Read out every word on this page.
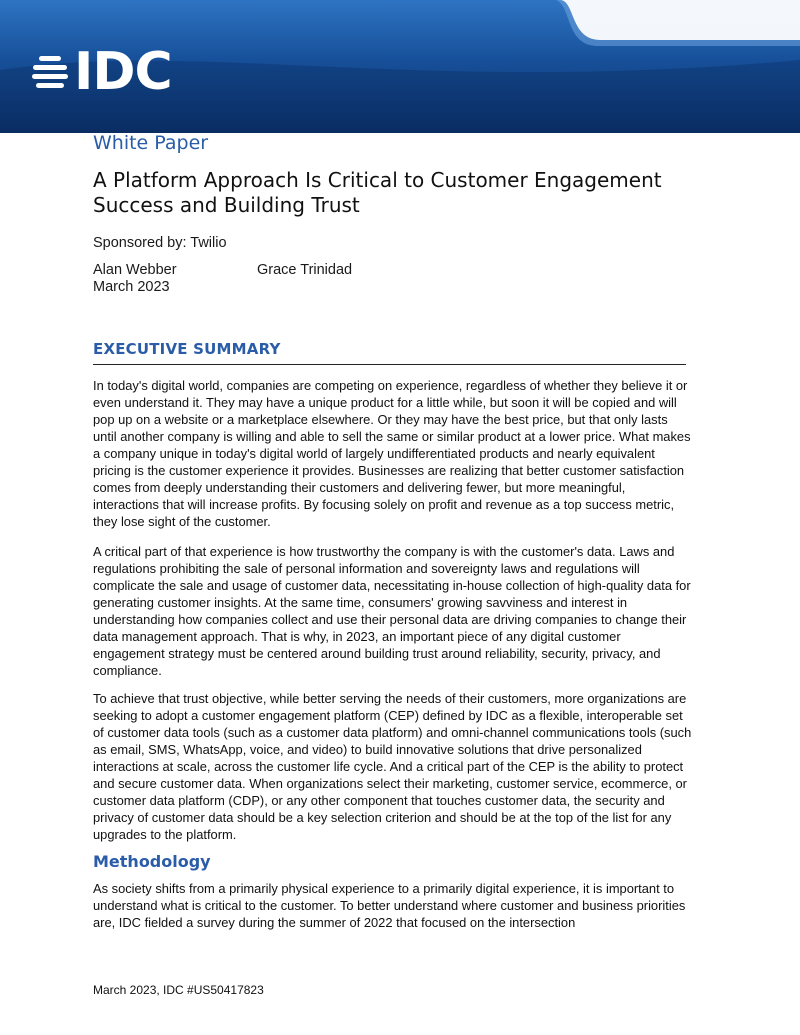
IDC
White Paper
A Platform Approach Is Critical to Customer Engagement Success and Building Trust
Sponsored by: Twilio
Alan Webber	Grace Trinidad
March 2023
EXECUTIVE SUMMARY

In today's digital world, companies are competing on experience, regardless of whether they believe it or even understand it. They may have a unique product for a little while, but soon it will be copied and will pop up on a website or a marketplace elsewhere. Or they may have the best price, but that only lasts until another company is willing and able to sell the same or similar product at a lower price. What makes a company unique in today's digital world of largely undifferentiated products and nearly equivalent pricing is the customer experience it provides. Businesses are realizing that better customer satisfaction comes from deeply understanding their customers and delivering fewer, but more meaningful, interactions that will increase profits. By focusing solely on profit and revenue as a top success metric, they lose sight of the customer.

A critical part of that experience is how trustworthy the company is with the customer's data. Laws and regulations prohibiting the sale of personal information and sovereignty laws and regulations will complicate the sale and usage of customer data, necessitating in-house collection of high-quality data for generating customer insights. At the same time, consumers' growing savviness and interest in understanding how companies collect and use their personal data are driving companies to change their data management approach. That is why, in 2023, an important piece of any digital customer engagement strategy must be centered around building trust around reliability, security, privacy, and compliance.

To achieve that trust objective, while better serving the needs of their customers, more organizations are seeking to adopt a customer engagement platform (CEP) defined by IDC as a flexible, interoperable set of customer data tools (such as a customer data platform) and omni-channel communications tools (such as email, SMS, WhatsApp, voice, and video) to build innovative solutions that drive personalized interactions at scale, across the customer life cycle. And a critical part of the CEP is the ability to protect and secure customer data. When organizations select their marketing, customer service, ecommerce, or customer data platform (CDP), or any other component that touches customer data, the security and privacy of customer data should be a key selection criterion and should be at the top of the list for any upgrades to the platform.

Methodology

As society shifts from a primarily physical experience to a primarily digital experience, it is important to understand what is critical to the customer. To better understand where customer and business priorities are, IDC fielded a survey during the summer of 2022 that focused on the intersection

March 2023, IDC #US50417823
